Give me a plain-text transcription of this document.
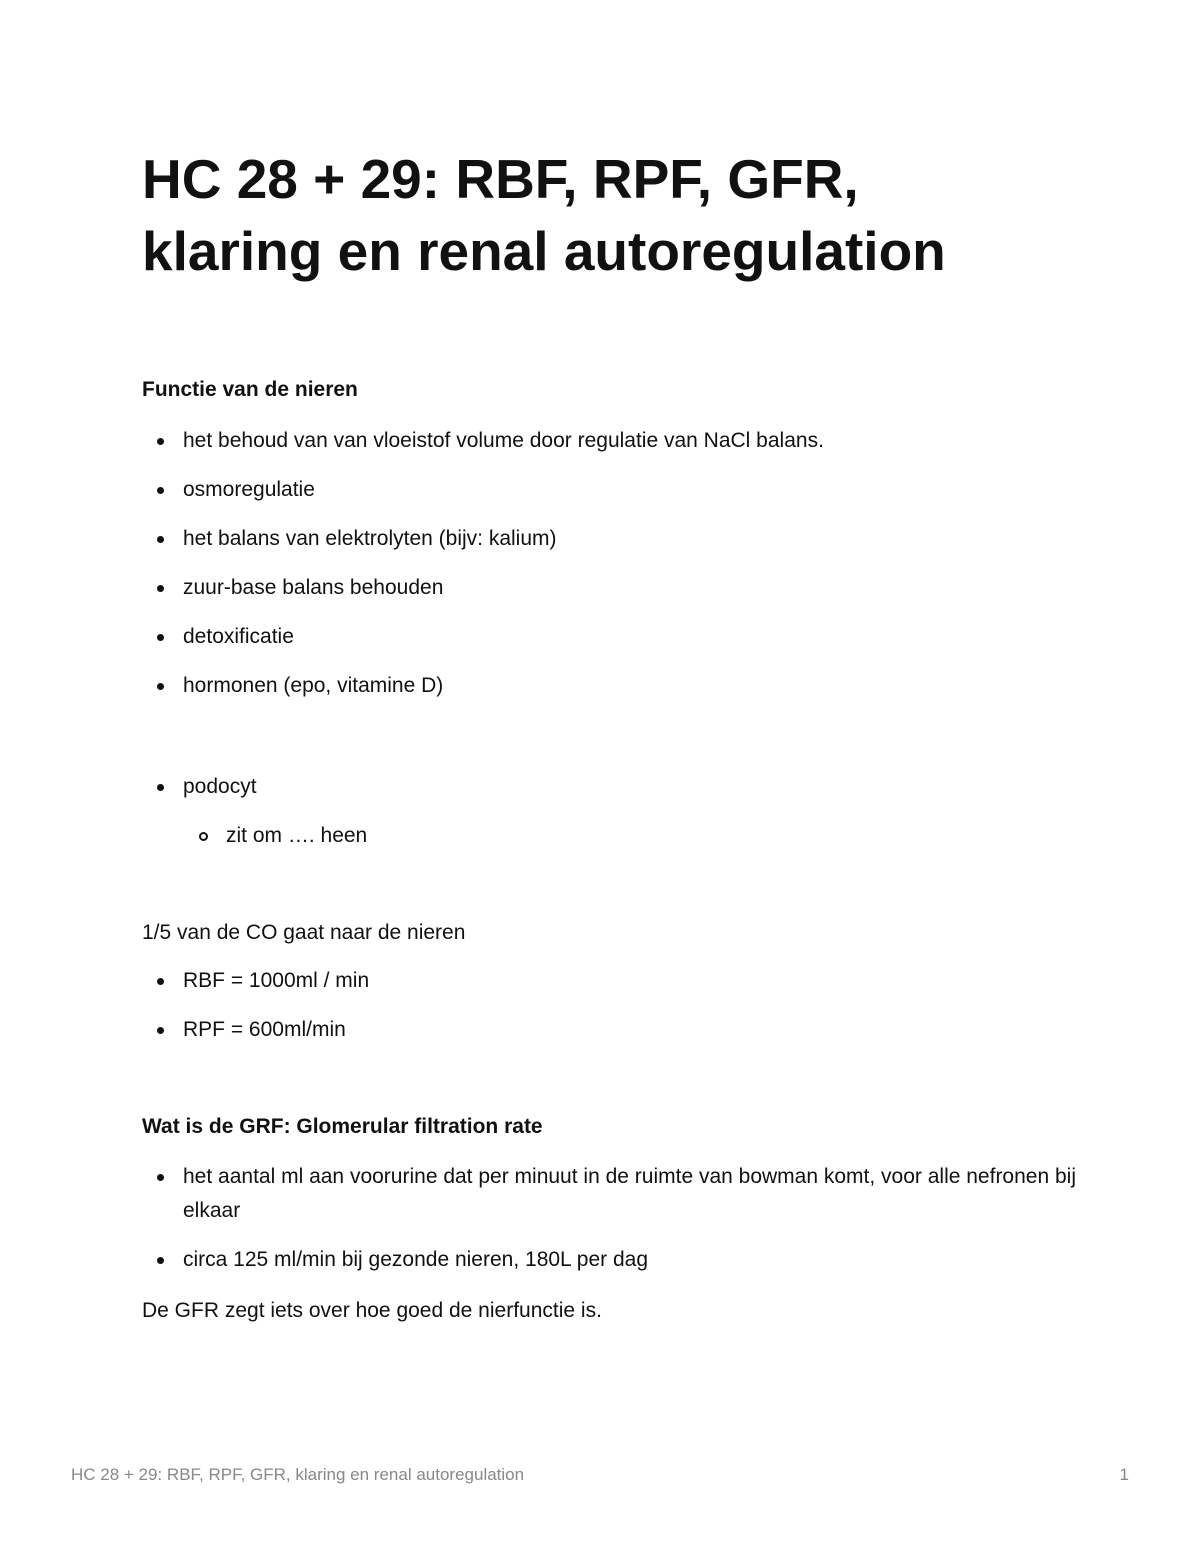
HC 28 + 29: RBF, RPF, GFR,
klaring en renal autoregulation

Functie van de nieren

het behoud van van vloeistof volume door regulatie van NaCl balans.
osmoregulatie
het balans van elektrolyten (bijv: kalium)
zuur-base balans behouden
detoxificatie
hormonen (epo, vitamine D)
podocyt
zit om …. heen

1/5 van de CO gaat naar de nieren

RBF = 1000ml / min
RPF = 600ml/min

Wat is de GRF: Glomerular filtration rate

het aantal ml aan voorurine dat per minuut in de ruimte van bowman komt, voor alle nefronen bij elkaar
circa 125 ml/min bij gezonde nieren, 180L per dag

De GFR zegt iets over hoe goed de nierfunctie is.

HC 28 + 29: RBF, RPF, GFR, klaring en renal autoregulation	1
